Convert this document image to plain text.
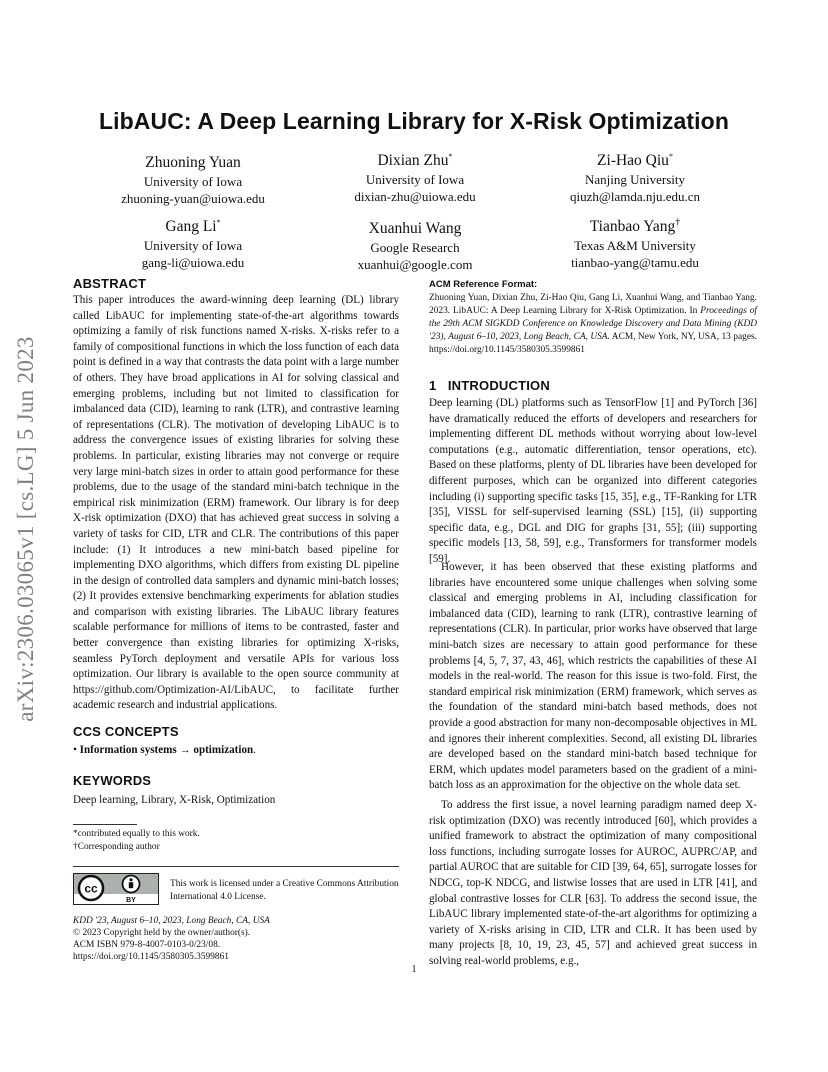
LibAUC: A Deep Learning Library for X-Risk Optimization
Zhuoning Yuan
University of Iowa
zhuoning-yuan@uiowa.edu
Dixian Zhu*
University of Iowa
dixian-zhu@uiowa.edu
Zi-Hao Qiu*
Nanjing University
qiuzh@lamda.nju.edu.cn
Gang Li*
University of Iowa
gang-li@uiowa.edu
Xuanhui Wang
Google Research
xuanhui@google.com
Tianbao Yang†
Texas A&M University
tianbao-yang@tamu.edu
arXiv:2306.03065v1 [cs.LG] 5 Jun 2023
ABSTRACT
This paper introduces the award-winning deep learning (DL) library called LibAUC for implementing state-of-the-art algorithms towards optimizing a family of risk functions named X-risks. X-risks refer to a family of compositional functions in which the loss function of each data point is defined in a way that contrasts the data point with a large number of others. They have broad applications in AI for solving classical and emerging problems, including but not limited to classification for imbalanced data (CID), learning to rank (LTR), and contrastive learning of representations (CLR). The motivation of developing LibAUC is to address the convergence issues of existing libraries for solving these problems. In particular, existing libraries may not converge or require very large mini-batch sizes in order to attain good performance for these problems, due to the usage of the standard mini-batch technique in the empirical risk minimization (ERM) framework. Our library is for deep X-risk optimization (DXO) that has achieved great success in solving a variety of tasks for CID, LTR and CLR. The contributions of this paper include: (1) It introduces a new mini-batch based pipeline for implementing DXO algorithms, which differs from existing DL pipeline in the design of controlled data samplers and dynamic mini-batch losses; (2) It provides extensive benchmarking experiments for ablation studies and comparison with existing libraries. The LibAUC library features scalable performance for millions of items to be contrasted, faster and better convergence than existing libraries for optimizing X-risks, seamless PyTorch deployment and versatile APIs for various loss optimization. Our library is available to the open source community at https://github.com/Optimization-AI/LibAUC, to facilitate further academic research and industrial applications.
CCS CONCEPTS
• Information systems → optimization.
KEYWORDS
Deep learning, Library, X-Risk, Optimization
*contributed equally to this work.
†Corresponding author
cc
BY
This work is licensed under a Creative Commons Attribution International 4.0 License.
KDD '23, August 6–10, 2023, Long Beach, CA, USA
© 2023 Copyright held by the owner/author(s).
ACM ISBN 979-8-4007-0103-0/23/08.
https://doi.org/10.1145/3580305.3599861
ACM Reference Format:
Zhuoning Yuan, Dixian Zhu, Zi-Hao Qiu, Gang Li, Xuanhui Wang, and Tianbao Yang. 2023. LibAUC: A Deep Learning Library for X-Risk Optimization. In Proceedings of the 29th ACM SIGKDD Conference on Knowledge Discovery and Data Mining (KDD '23), August 6–10, 2023, Long Beach, CA, USA. ACM, New York, NY, USA, 13 pages. https://doi.org/10.1145/3580305.3599861
1 INTRODUCTION
Deep learning (DL) platforms such as TensorFlow [1] and PyTorch [36] have dramatically reduced the efforts of developers and researchers for implementing different DL methods without worrying about low-level computations (e.g., automatic differentiation, tensor operations, etc). Based on these platforms, plenty of DL libraries have been developed for different purposes, which can be organized into different categories including (i) supporting specific tasks [15, 35], e.g., TF-Ranking for LTR [35], VISSL for self-supervised learning (SSL) [15], (ii) supporting specific data, e.g., DGL and DIG for graphs [31, 55]; (iii) supporting specific models [13, 58, 59], e.g., Transformers for transformer models [59].
However, it has been observed that these existing platforms and libraries have encountered some unique challenges when solving some classical and emerging problems in AI, including classification for imbalanced data (CID), learning to rank (LTR), contrastive learning of representations (CLR). In particular, prior works have observed that large mini-batch sizes are necessary to attain good performance for these problems [4, 5, 7, 37, 43, 46], which restricts the capabilities of these AI models in the real-world. The reason for this issue is two-fold. First, the standard empirical risk minimization (ERM) framework, which serves as the foundation of the standard mini-batch based methods, does not provide a good abstraction for many non-decomposable objectives in ML and ignores their inherent complexities. Second, all existing DL libraries are developed based on the standard mini-batch based technique for ERM, which updates model parameters based on the gradient of a mini-batch loss as an approximation for the objective on the whole data set.
To address the first issue, a novel learning paradigm named deep X-risk optimization (DXO) was recently introduced [60], which provides a unified framework to abstract the optimization of many compositional loss functions, including surrogate losses for AUROC, AUPRC/AP, and partial AUROC that are suitable for CID [39, 64, 65], surrogate losses for NDCG, top-K NDCG, and listwise losses that are used in LTR [41], and global contrastive losses for CLR [63]. To address the second issue, the LibAUC library implemented state-of-the-art algorithms for optimizing a variety of X-risks arising in CID, LTR and CLR. It has been used by many projects [8, 10, 19, 23, 45, 57] and achieved great success in solving real-world problems, e.g.,
1
